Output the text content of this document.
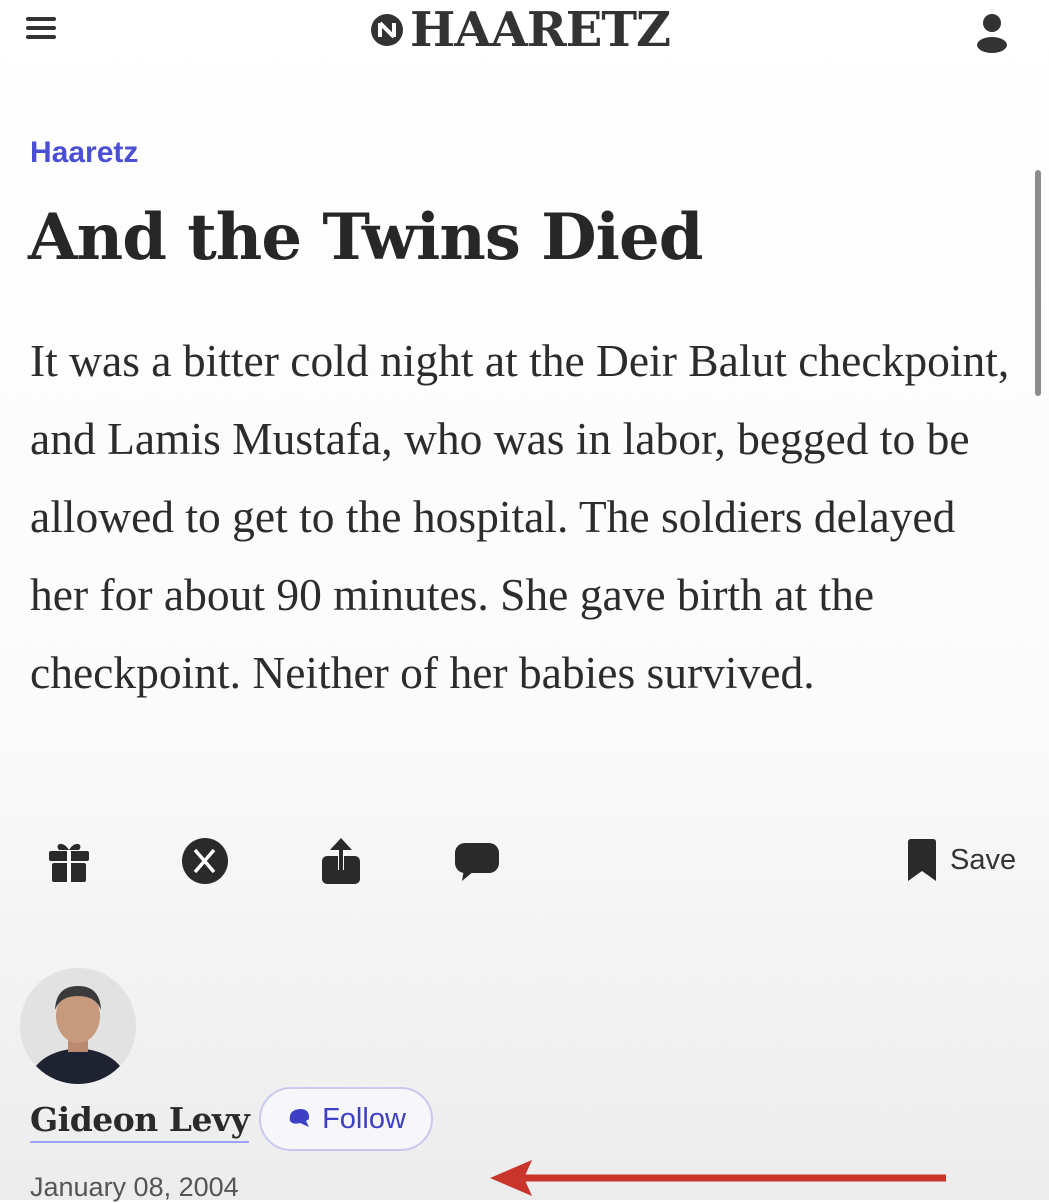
HAARETZ
Haaretz
And the Twins Died

It was a bitter cold night at the Deir Balut checkpoint, and Lamis Mustafa, who was in labor, begged to be allowed to get to the hospital. The soldiers delayed her for about 90 minutes. She gave birth at the checkpoint. Neither of her babies survived.

Save
Gideon Levy	Follow
January 08, 2004
